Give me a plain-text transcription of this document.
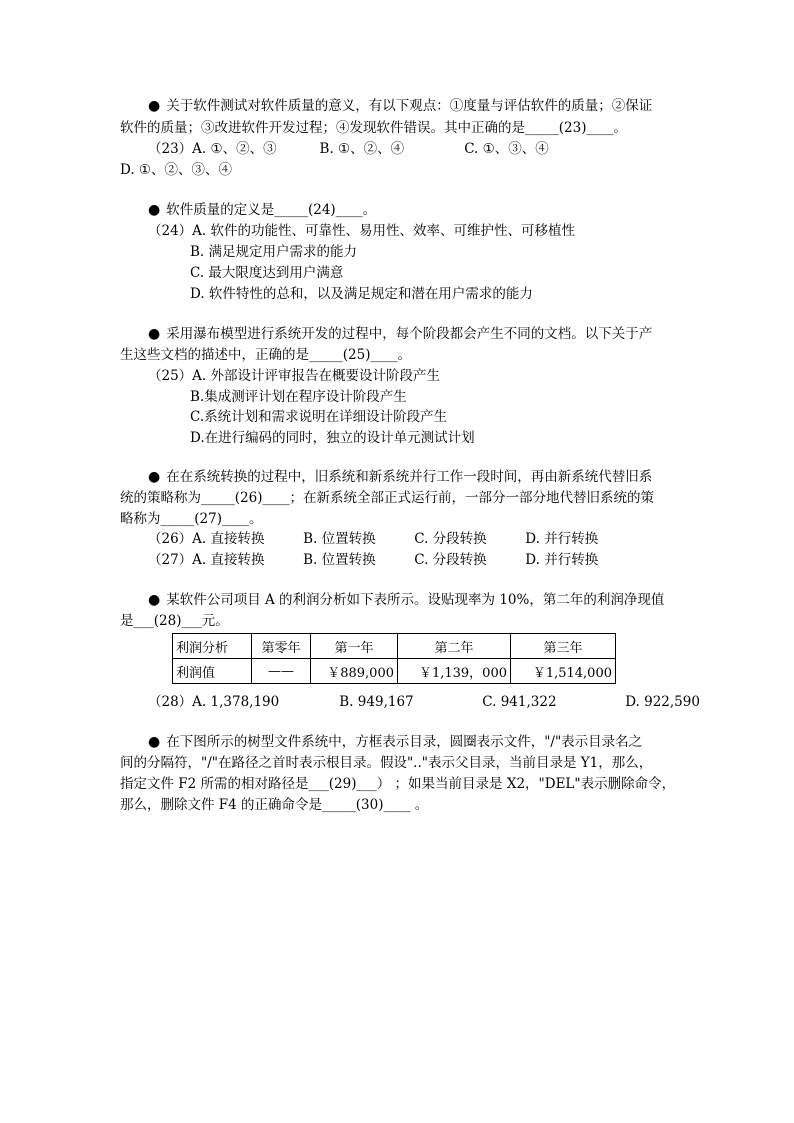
● 关于软件测试对软件质量的意义，有以下观点：①度量与评估软件的质量；②保证
软件的质量；③改进软件开发过程；④发现软件错误。其中正确的是_____(23)____。
（23）A. ①、②、③          B. ①、②、④              C. ①、③、④
D. ①、②、③、④
● 软件质量的定义是_____(24)____。
（24）A. 软件的功能性、可靠性、易用性、效率、可维护性、可移植性
B. 满足规定用户需求的能力
C. 最大限度达到用户满意
D. 软件特性的总和，以及满足规定和潜在用户需求的能力
● 采用瀑布模型进行系统开发的过程中，每个阶段都会产生不同的文档。以下关于产
生这些文档的描述中，正确的是_____(25)____。
（25）A. 外部设计评审报告在概要设计阶段产生
B.集成测评计划在程序设计阶段产生
C.系统计划和需求说明在详细设计阶段产生
D.在进行编码的同时，独立的设计单元测试计划
● 在在系统转换的过程中，旧系统和新系统并行工作一段时间，再由新系统代替旧系
统的策略称为_____(26)____；在新系统全部正式运行前，一部分一部分地代替旧系统的策
略称为_____(27)____。
（26）A. 直接转换         B. 位置转换         C. 分段转换         D. 并行转换
（27）A. 直接转换         B. 位置转换         C. 分段转换         D. 并行转换
● 某软件公司项目 A 的利润分析如下表所示。设贴现率为 10%，第二年的利润净现值
是___(28)___元。
利润分析	第零年	第一年	第二年	第三年
利润值	——	￥889,000	￥1,139，000	￥1,514,000
（28）A. 1,378,190              B. 949,167                C. 941,322                D. 922,590
● 在下图所示的树型文件系统中，方框表示目录，圆圈表示文件，"/"表示目录名之
间的分隔符，"/"在路径之首时表示根目录。假设".."表示父目录，当前目录是 Y1，那么，
指定文件 F2 所需的相对路径是___(29)___） ；如果当前目录是 X2，"DEL"表示删除命令，
那么，删除文件 F4 的正确命令是_____(30)____ 。
